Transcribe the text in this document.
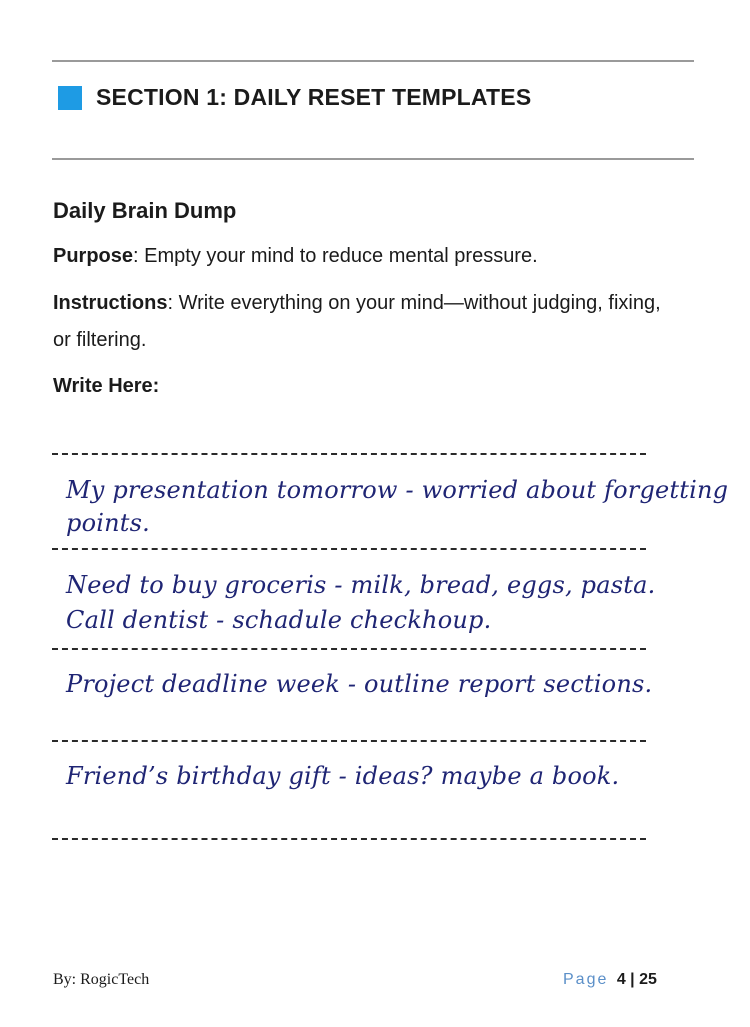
SECTION 1: DAILY RESET TEMPLATES
Daily Brain Dump
Purpose: Empty your mind to reduce mental pressure.
Instructions: Write everything on your mind—without judging, fixing, or filtering.
Write Here:
My presentation tomorrow - worried about forgetting
points.
Need to buy groceris - milk, bread, eggs, pasta.
Call dentist - schadule checkhoup.
Project deadline week - outline report sections.
Friend’s birthday gift - ideas? maybe a book.
By: RogicTech	Page 4 | 25
